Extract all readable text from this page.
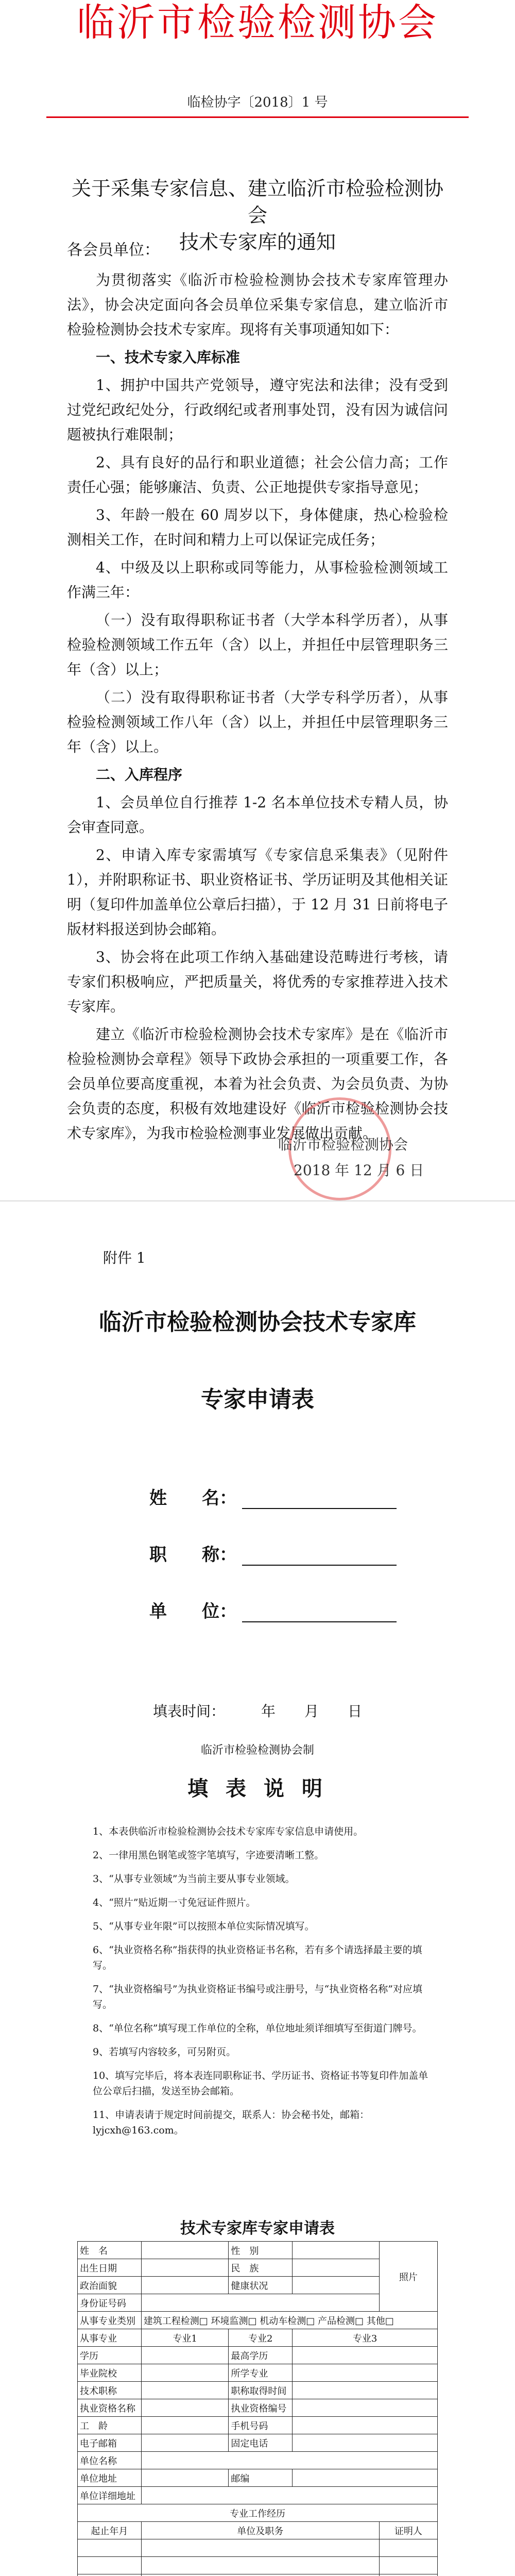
临沂市检验检测协会
临检协字〔2018〕1 号
关于采集专家信息、建立临沂市检验检测协会
技术专家库的通知
各会员单位：

为贯彻落实《临沂市检验检测协会技术专家库管理办法》，协会决定面向各会员单位采集专家信息，建立临沂市检验检测协会技术专家库。现将有关事项通知如下：

一、技术专家入库标准

1、拥护中国共产党领导，遵守宪法和法律；没有受到过党纪政纪处分，行政纲纪或者刑事处罚，没有因为诚信问题被执行难限制；

2、具有良好的品行和职业道德；社会公信力高；工作责任心强；能够廉洁、负责、公正地提供专家指导意见；

3、年龄一般在 60 周岁以下，身体健康，热心检验检测相关工作，在时间和精力上可以保证完成任务；

4、中级及以上职称或同等能力，从事检验检测领域工作满三年：

（一）没有取得职称证书者（大学本科学历者），从事检验检测领域工作五年（含）以上，并担任中层管理职务三年（含）以上；

（二）没有取得职称证书者（大学专科学历者），从事检验检测领域工作八年（含）以上，并担任中层管理职务三年（含）以上。

二、入库程序

1、会员单位自行推荐 1-2 名本单位技术专精人员，协会审查同意。

2、申请入库专家需填写《专家信息采集表》（见附件1），并附职称证书、职业资格证书、学历证明及其他相关证明（复印件加盖单位公章后扫描），于 12 月 31 日前将电子版材料报送到协会邮箱。

3、协会将在此项工作纳入基础建设范畴进行考核，请专家们积极响应，严把质量关，将优秀的专家推荐进入技术专家库。

建立《临沂市检验检测协会技术专家库》是在《临沂市检验检测协会章程》领导下政协会承担的一项重要工作，各会员单位要高度重视，本着为社会负责、为会员负责、为协会负责的态度，积极有效地建设好《临沂市检验检测协会技术专家库》，为我市检验检测事业发展做出贡献。

临沂市检验检测协会
2018 年 12 月 6 日
附件 1
临沂市检验检测协会技术专家库
专家申请表
姓　　名：
职　　称：
单　　位：
填表时间：　　　年　　月　　日
临沂市检验检测协会制
填 表 说 明

1、本表供临沂市检验检测协会技术专家库专家信息申请使用。

2、一律用黑色钢笔或签字笔填写，字迹要清晰工整。

3、“从事专业领域”为当前主要从事专业领域。

4、“照片”贴近期一寸免冠证件照片。

5、“从事专业年限”可以按照本单位实际情况填写。

6、“执业资格名称”指获得的执业资格证书名称，若有多个请选择最主要的填写。

7、“执业资格编号”为执业资格证书编号或注册号，与“执业资格名称”对应填写。

8、“单位名称”填写现工作单位的全称，单位地址须详细填写至街道门牌号。

9、若填写内容较多，可另附页。

10、填写完毕后，将本表连同职称证书、学历证书、资格证书等复印件加盖单位公章后扫描，发送至协会邮箱。

11、申请表请于规定时间前提交，联系人：协会秘书处，邮箱：lyjcxh@163.com。

技术专家库专家申请表
姓　名		性　别		照片
出生日期		民　族		
政治面貌		健康状况		
身份证号码				
从事专业类别	建筑工程检测□ 环境监测□ 机动车检测□ 产品检测□ 其他□			
从事专业	专业1	专业2	专业3	
学历		最高学历		
毕业院校		所学专业		
技术职称		职称取得时间		
执业资格名称		执业资格编号		
工　龄		手机号码		
电子邮箱		固定电话		
单位名称				
单位地址		邮编		
单位详细地址				
专业工作经历				
起止年月	单位及职务			证明人
